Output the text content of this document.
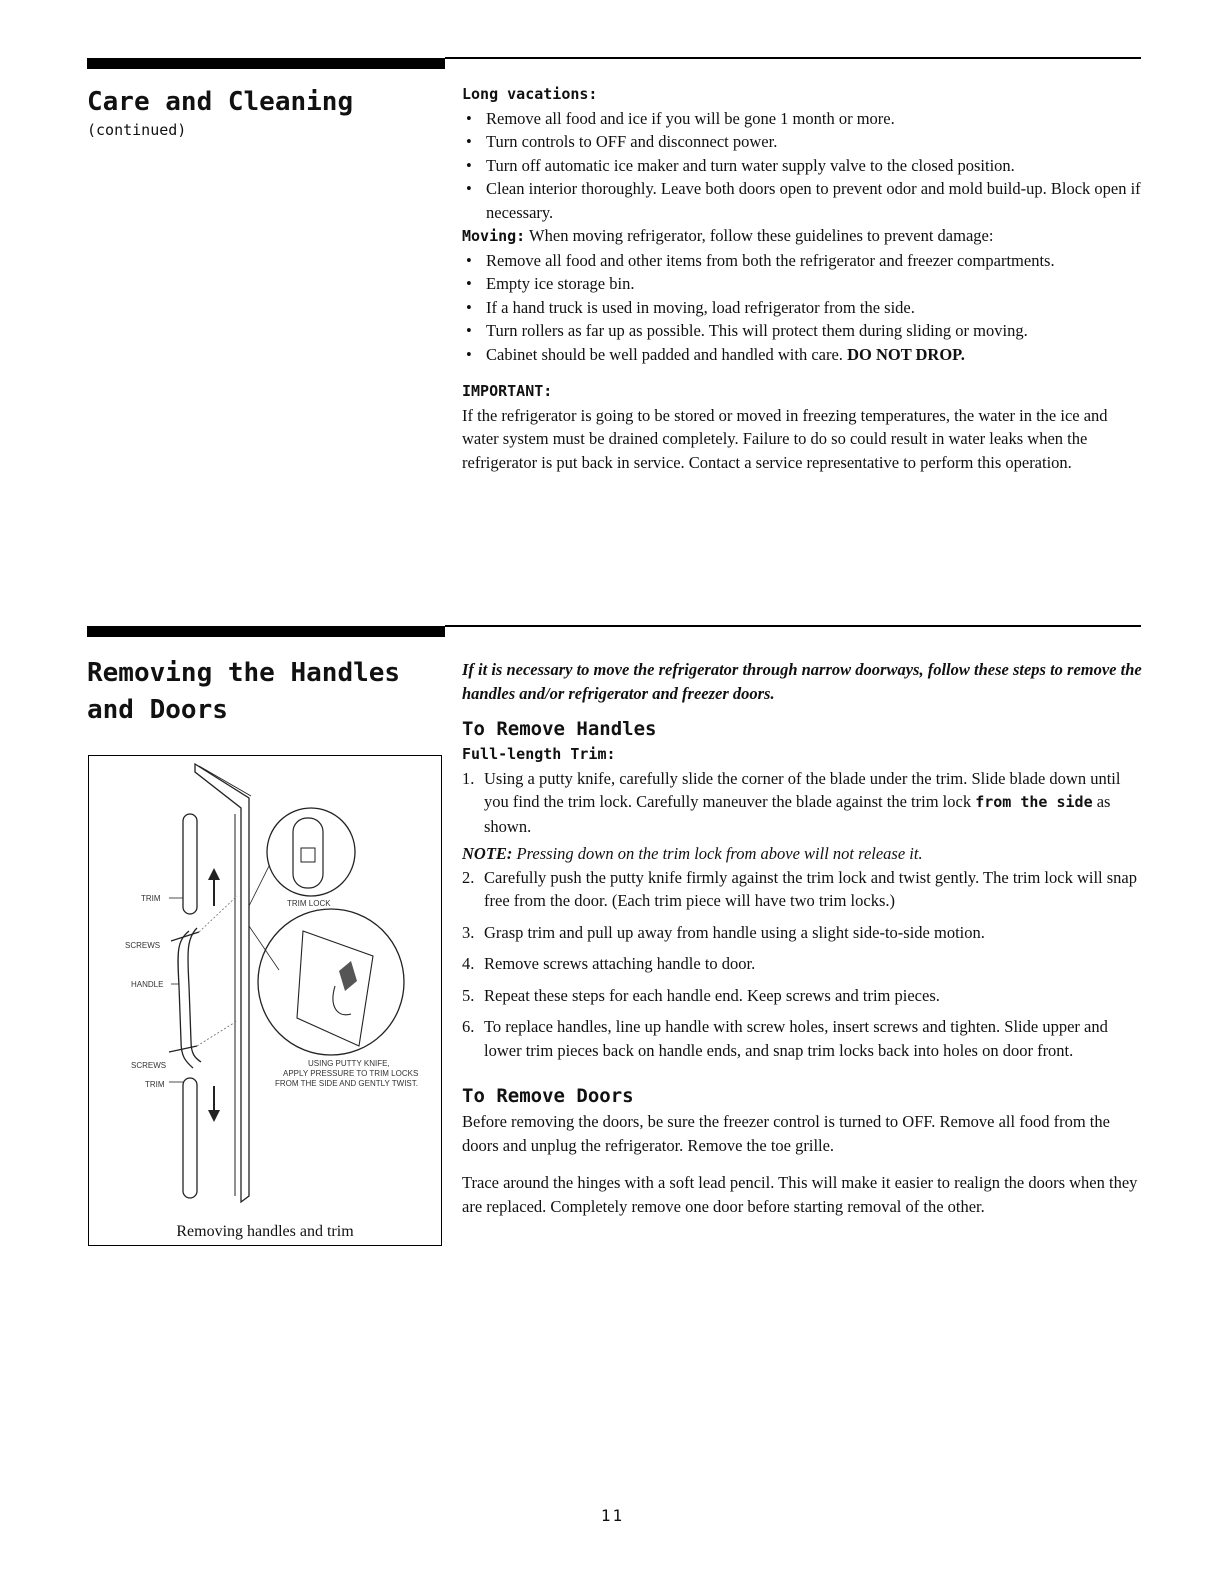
Care and Cleaning
(continued)

Long vacations:

• Remove all food and ice if you will be gone 1 month or more.
• Turn controls to OFF and disconnect power.
• Turn off automatic ice maker and turn water supply valve to the closed position.
• Clean interior thoroughly. Leave both doors open to prevent odor and mold build-up. Block open if necessary.

Moving: When moving refrigerator, follow these guidelines to prevent damage:

• Remove all food and other items from both the refrigerator and freezer compartments.
• Empty ice storage bin.
• If a hand truck is used in moving, load refrigerator from the side.
• Turn rollers as far up as possible. This will protect them during sliding or moving.
• Cabinet should be well padded and handled with care. DO NOT DROP.

IMPORTANT:

If the refrigerator is going to be stored or moved in freezing temperatures, the water in the ice and water system must be drained completely. Failure to do so could result in water leaks when the refrigerator is put back in service. Contact a service representative to perform this operation.

Removing the Handles
and Doors
TRIM
SCREWS
HANDLE
SCREWS
TRIM
TRIM LOCK
USING PUTTY KNIFE,
APPLY PRESSURE TO TRIM LOCKS
FROM THE SIDE AND GENTLY TWIST.
Removing handles and trim

If it is necessary to move the refrigerator through narrow doorways, follow these steps to remove the handles and/or refrigerator and freezer doors.

To Remove Handles

Full-length Trim:

1. Using a putty knife, carefully slide the corner of the blade under the trim. Slide blade down until you find the trim lock. Carefully maneuver the blade against the trim lock from the side as shown.

NOTE: Pressing down on the trim lock from above will not release it.

2. Carefully push the putty knife firmly against the trim lock and twist gently. The trim lock will snap free from the door. (Each trim piece will have two trim locks.)
3. Grasp trim and pull up away from handle using a slight side-to-side motion.
4. Remove screws attaching handle to door.
5. Repeat these steps for each handle end. Keep screws and trim pieces.
6. To replace handles, line up handle with screw holes, insert screws and tighten. Slide upper and lower trim pieces back on handle ends, and snap trim locks back into holes on door front.

To Remove Doors

Before removing the doors, be sure the freezer control is turned to OFF. Remove all food from the doors and unplug the refrigerator. Remove the toe grille.

Trace around the hinges with a soft lead pencil. This will make it easier to realign the doors when they are replaced. Completely remove one door before starting removal of the other.

11
